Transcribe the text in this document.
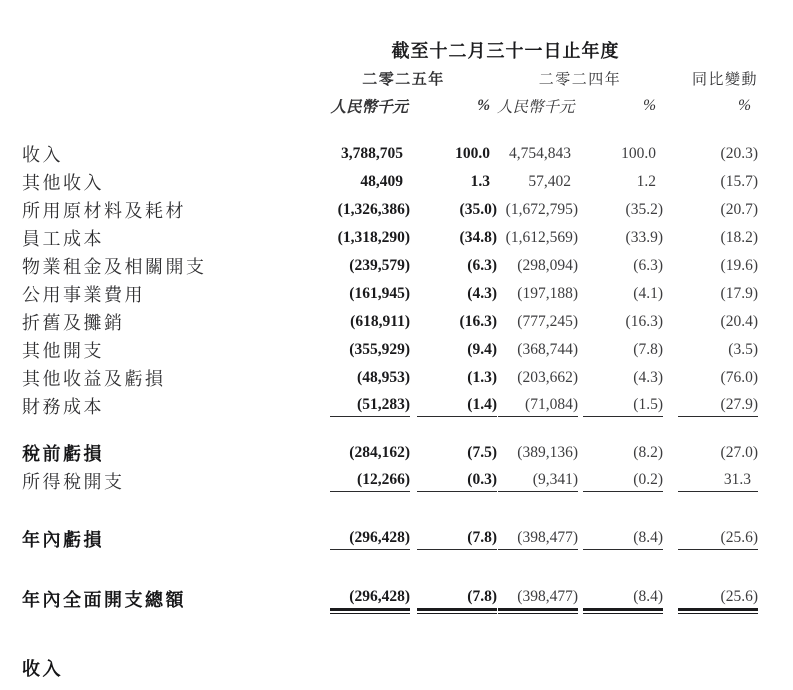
	截至十二月三十一日止年度				
	二零二五年		二零二四年		同比變動
	人民幣千元	%	人民幣千元	%	%

收入	3,788,705	100.0	4,754,843	100.0	(20.3)

其他收入	48,409	1.3	57,402	1.2	(15.7)

所用原材料及耗材	(1,326,386)	(35.0)	(1,672,795)	(35.2)	(20.7)

員工成本	(1,318,290)	(34.8)	(1,612,569)	(33.9)	(18.2)

物業租金及相關開支	(239,579)	(6.3)	(298,094)	(6.3)	(19.6)

公用事業費用	(161,945)	(4.3)	(197,188)	(4.1)	(17.9)

折舊及攤銷	(618,911)	(16.3)	(777,245)	(16.3)	(20.4)

其他開支	(355,929)	(9.4)	(368,744)	(7.8)	(3.5)

其他收益及虧損	(48,953)	(1.3)	(203,662)	(4.3)	(76.0)

財務成本	(51,283)	(1.4)	(71,084)	(1.5)	(27.9)

稅前虧損	(284,162)	(7.5)	(389,136)	(8.2)	(27.0)

所得稅開支	(12,266)	(0.3)	(9,341)	(0.2)	31.3

年內虧損	(296,428)	(7.8)	(398,477)	(8.4)	(25.6)

年內全面開支總額	(296,428)	(7.8)	(398,477)	(8.4)	(25.6)
收入
